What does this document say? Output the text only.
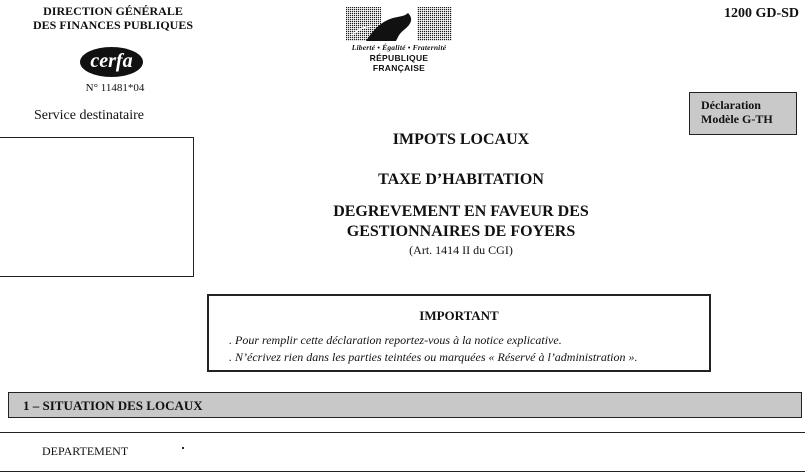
DIRECTION GÉNÉRALE
DES FINANCES PUBLIQUES
cerfa
N° 11481*04
Service destinataire
Liberté • Égalité • Fraternité
RÉPUBLIQUE FRANÇAISE
1200 GD-SD
Déclaration
Modèle G-TH
IMPOTS LOCAUX
TAXE D’HABITATION
DEGREVEMENT EN FAVEUR DES
GESTIONNAIRES DE FOYERS
(Art. 1414 II du CGI)
IMPORTANT
. Pour remplir cette déclaration reportez-vous à la notice explicative.
. N’écrivez rien dans les parties teintées ou marquées « Réservé à l’administration ».
1 – SITUATION DES LOCAUX
DEPARTEMENT
